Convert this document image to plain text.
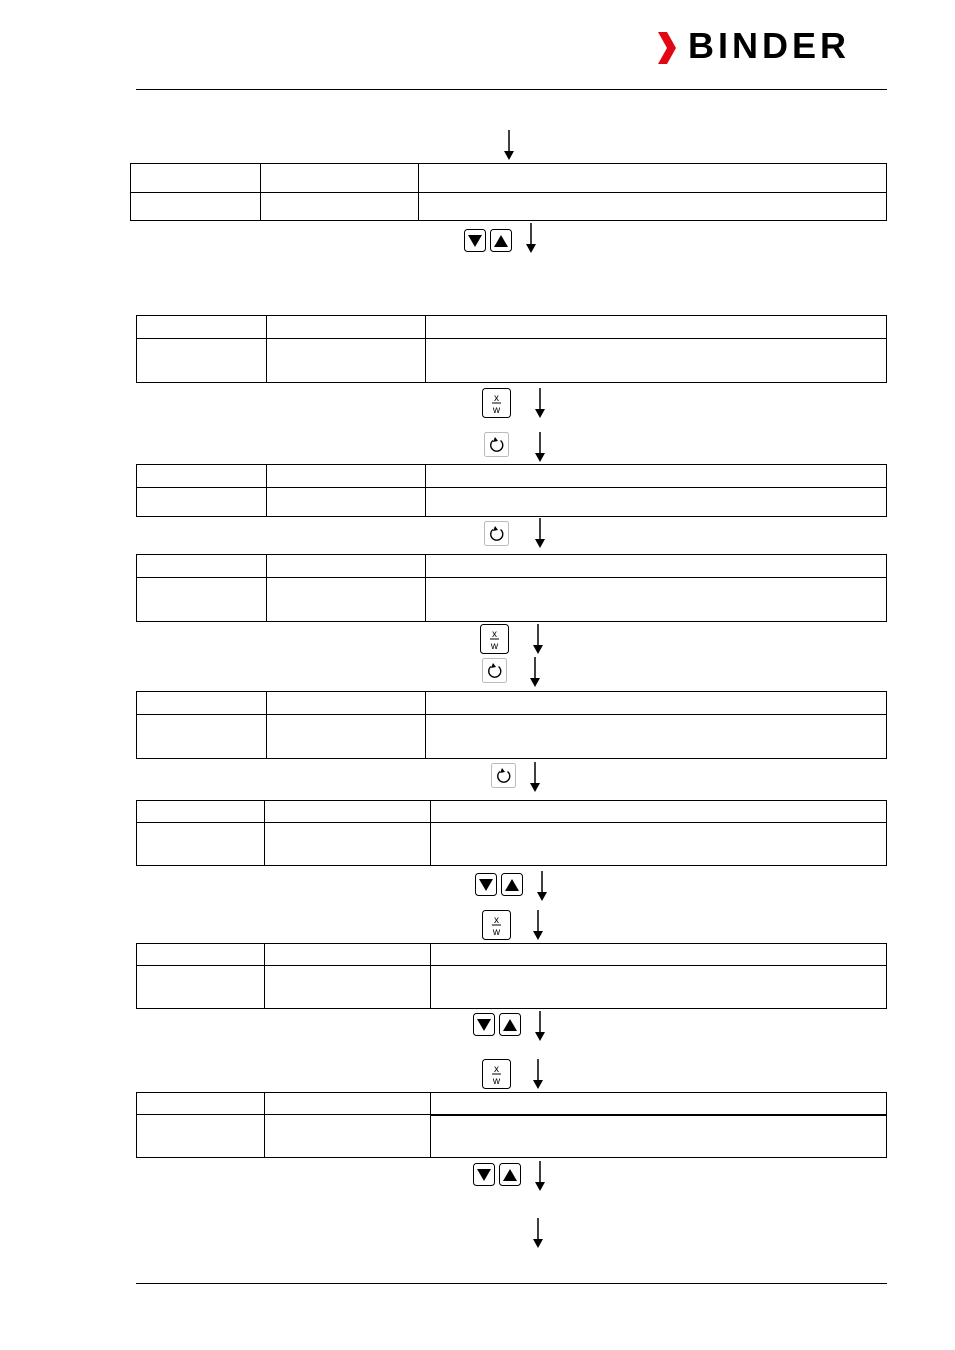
BINDER

x
w

x
w

x
w

x
w
